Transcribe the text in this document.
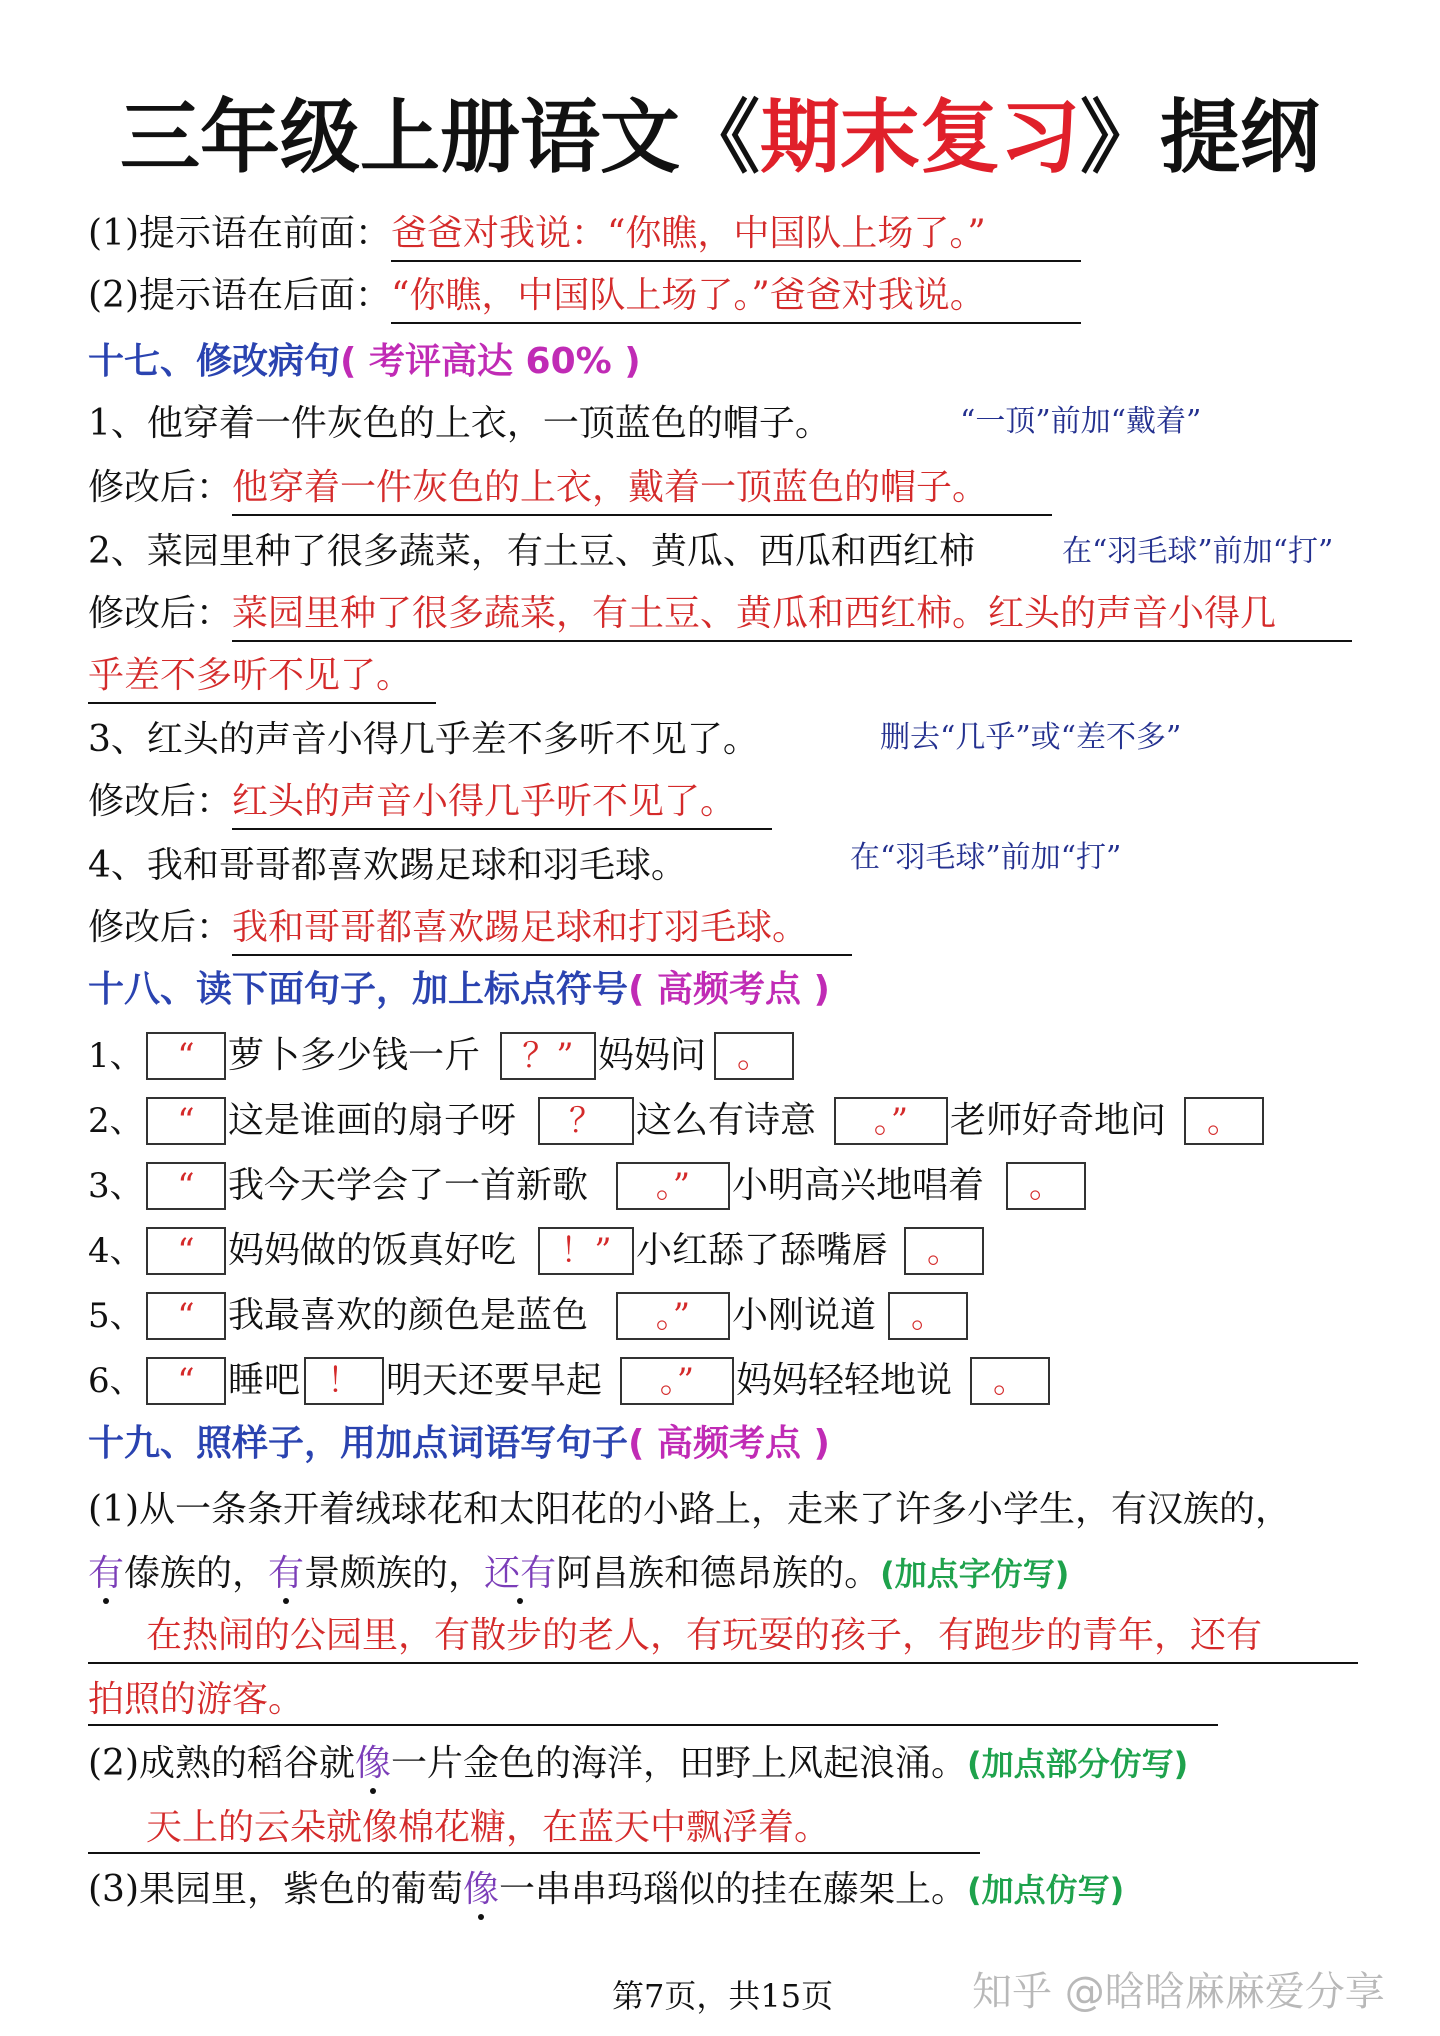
三年级上册语文《期末复习》提纲
(1)提示语在前面：爸爸对我说：“你瞧，中国队上场了。”
(2)提示语在后面：“你瞧，中国队上场了。”爸爸对我说。
十七、修改病句( 考评高达 60% )
1、他穿着一件灰色的上衣，一顶蓝色的帽子。	“一顶”前加“戴着”
修改后：他穿着一件灰色的上衣，戴着一顶蓝色的帽子。
2、菜园里种了很多蔬菜，有土豆、黄瓜、西瓜和西红柿	在“羽毛球”前加“打”
修改后：菜园里种了很多蔬菜，有土豆、黄瓜和西红柿。红头的声音小得几
乎差不多听不见了。
3、红头的声音小得几乎差不多听不见了。	删去“几乎”或“差不多”
修改后：红头的声音小得几乎听不见了。
4、我和哥哥都喜欢踢足球和羽毛球。	在“羽毛球”前加“打”
修改后：我和哥哥都喜欢踢足球和打羽毛球。
十八、读下面句子，加上标点符号( 高频考点 )
1、 “ 萝卜多少钱一斤	？” 妈妈问 。
2、 “ 这是谁画的扇子呀	？ 这么有诗意	。”	老师好奇地问	。
3、 “ 我今天学会了一首新歌	。”	小明高兴地唱着	。
4、 “ 妈妈做的饭真好吃	！” 小红舔了舔嘴唇	。
5、 “ 我最喜欢的颜色是蓝色	。”	小刚说道	。
6、 “ 睡吧 ！ 明天还要早起	。”	妈妈轻轻地说	。
十九、照样子，用加点词语写句子( 高频考点 )
(1)从一条条开着绒球花和太阳花的小路上，走来了许多小学生，有汉族的，
有傣族的，有景颇族的，还有阿昌族和德昂族的。(加点字仿写)
在热闹的公园里，有散步的老人，有玩耍的孩子，有跑步的青年，还有
拍照的游客。
(2)成熟的稻谷就像一片金色的海洋，田野上风起浪涌。(加点部分仿写)
天上的云朵就像棉花糖，在蓝天中飘浮着。
(3)果园里，紫色的葡萄像一串串玛瑙似的挂在藤架上。(加点仿写)
第7页，共15页	知乎 @晗晗麻麻爱分享
